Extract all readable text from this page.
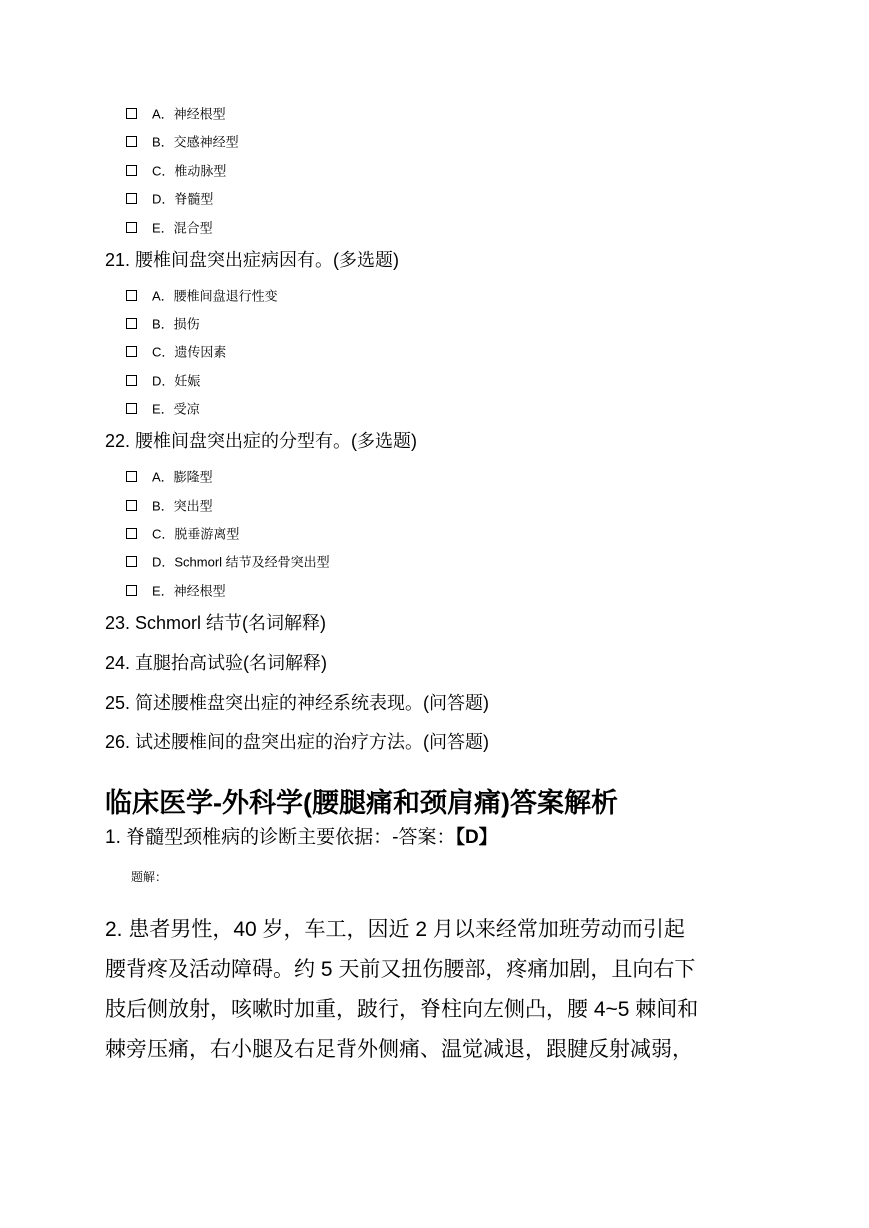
A．神经根型
B．交感神经型
C．椎动脉型
D．脊髓型
E．混合型
21. 腰椎间盘突出症病因有。(多选题)
A．腰椎间盘退行性变
B．损伤
C．遗传因素
D．妊娠
E．受凉
22. 腰椎间盘突出症的分型有。(多选题)
A．膨隆型
B．突出型
C．脱垂游离型
D．Schmorl 结节及经骨突出型
E．神经根型
23. Schmorl 结节(名词解释)
24. 直腿抬高试验(名词解释)
25. 简述腰椎盘突出症的神经系统表现。(问答题)
26. 试述腰椎间的盘突出症的治疗方法。(问答题)
临床医学-外科学(腰腿痛和颈肩痛)答案解析
1. 脊髓型颈椎病的诊断主要依据：-答案：【D】
题解：
2. 患者男性，40 岁，车工，因近 2 月以来经常加班劳动而引起
腰背疼及活动障碍。约 5 天前又扭伤腰部，疼痛加剧，且向右下
肢后侧放射，咳嗽时加重，跛行，脊柱向左侧凸，腰 4~5 棘间和
棘旁压痛，右小腿及右足背外侧痛、温觉减退，跟腱反射减弱，
